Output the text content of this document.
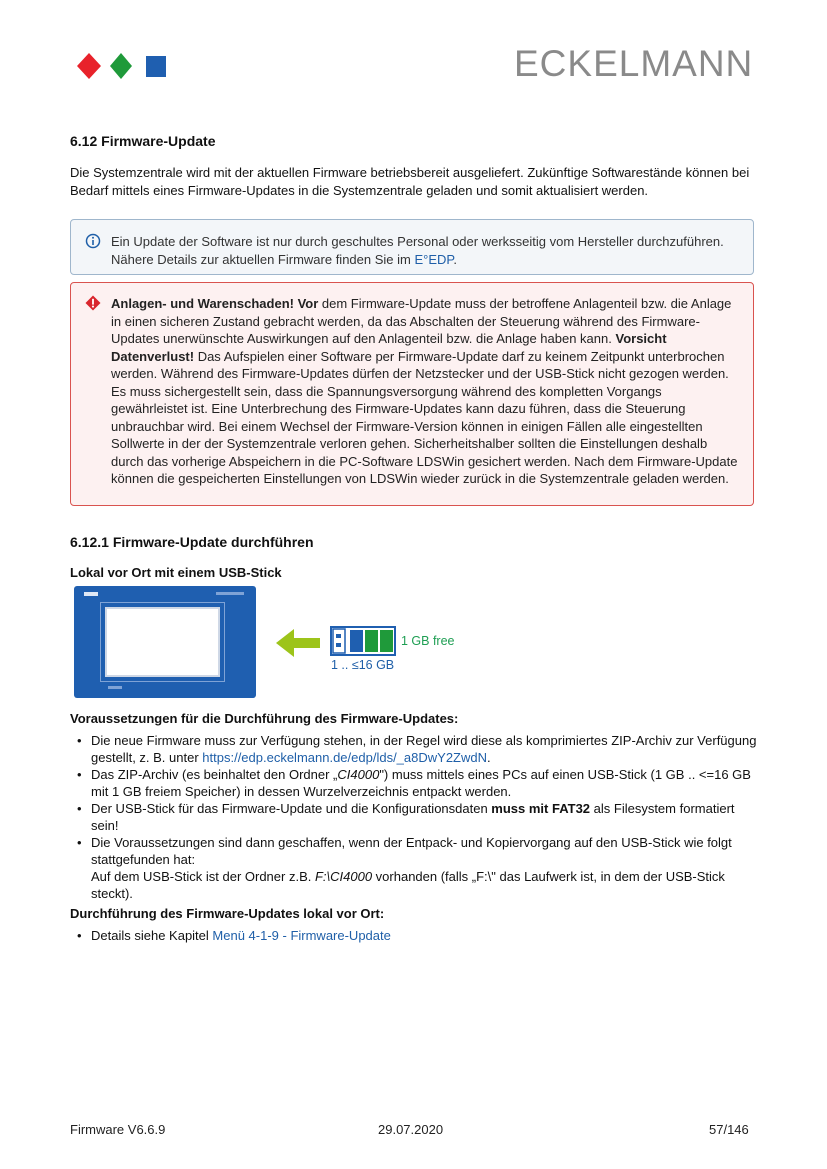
ECKELMANN
6.12 Firmware-Update

Die Systemzentrale wird mit der aktuellen Firmware betriebsbereit ausgeliefert. Zukünftige Softwarestände können bei Bedarf mittels eines Firmware-Updates in die Systemzentrale geladen und somit aktualisiert werden.

Ein Update der Software ist nur durch geschultes Personal oder werksseitig vom Hersteller durchzuführen. Nähere Details zur aktuellen Firmware finden Sie im E°EDP.
Anlagen- und Warenschaden! Vor dem Firmware-Update muss der betroffene Anlagenteil bzw. die Anlage in einen sicheren Zustand gebracht werden, da das Abschalten der Steuerung während des Firmware-Updates unerwünschte Auswirkungen auf den Anlagenteil bzw. die Anlage haben kann. Vorsicht Datenverlust! Das Aufspielen einer Software per Firmware-Update darf zu keinem Zeitpunkt unterbrochen werden. Während des Firmware-Updates dürfen der Netzstecker und der USB-Stick nicht gezogen werden. Es muss sichergestellt sein, dass die Spannungsversorgung während des kompletten Vorgangs gewährleistet ist. Eine Unterbrechung des Firmware-Updates kann dazu führen, dass die Steuerung unbrauchbar wird. Bei einem Wechsel der Firmware-Version können in einigen Fällen alle eingestellten Sollwerte in der der Systemzentrale verloren gehen. Sicherheitshalber sollten die Einstellungen deshalb durch das vorherige Abspeichern in die PC-Software LDSWin gesichert werden. Nach dem Firmware-Update können die gespeicherten Einstellungen von LDSWin wieder zurück in die Systemzentrale geladen werden.
6.12.1 Firmware-Update durchführen
Lokal vor Ort mit einem USB-Stick
1 GB free
1 .. ≤16 GB
Voraussetzungen für die Durchführung des Firmware-Updates:
• Die neue Firmware muss zur Verfügung stehen, in der Regel wird diese als komprimiertes ZIP-Archiv zur Verfügung gestellt, z. B. unter https://edp.eckelmann.de/edp/lds/_a8DwY2ZwdN.
• Das ZIP-Archiv (es beinhaltet den Ordner „CI4000") muss mittels eines PCs auf einen USB-Stick (1 GB .. <=16 GB mit 1 GB freiem Speicher) in dessen Wurzelverzeichnis entpackt werden.
• Der USB-Stick für das Firmware-Update und die Konfigurationsdaten muss mit FAT32 als Filesystem formatiert sein!
• Die Voraussetzungen sind dann geschaffen, wenn der Entpack- und Kopiervorgang auf den USB-Stick wie folgt stattgefunden hat:
Auf dem USB-Stick ist der Ordner z.B. F:\CI4000 vorhanden (falls „F:\" das Laufwerk ist, in dem der USB-Stick steckt).
Durchführung des Firmware-Updates lokal vor Ort:
• Details siehe Kapitel Menü 4-1-9 - Firmware-Update
Firmware V6.6.9	29.07.2020	57/146
